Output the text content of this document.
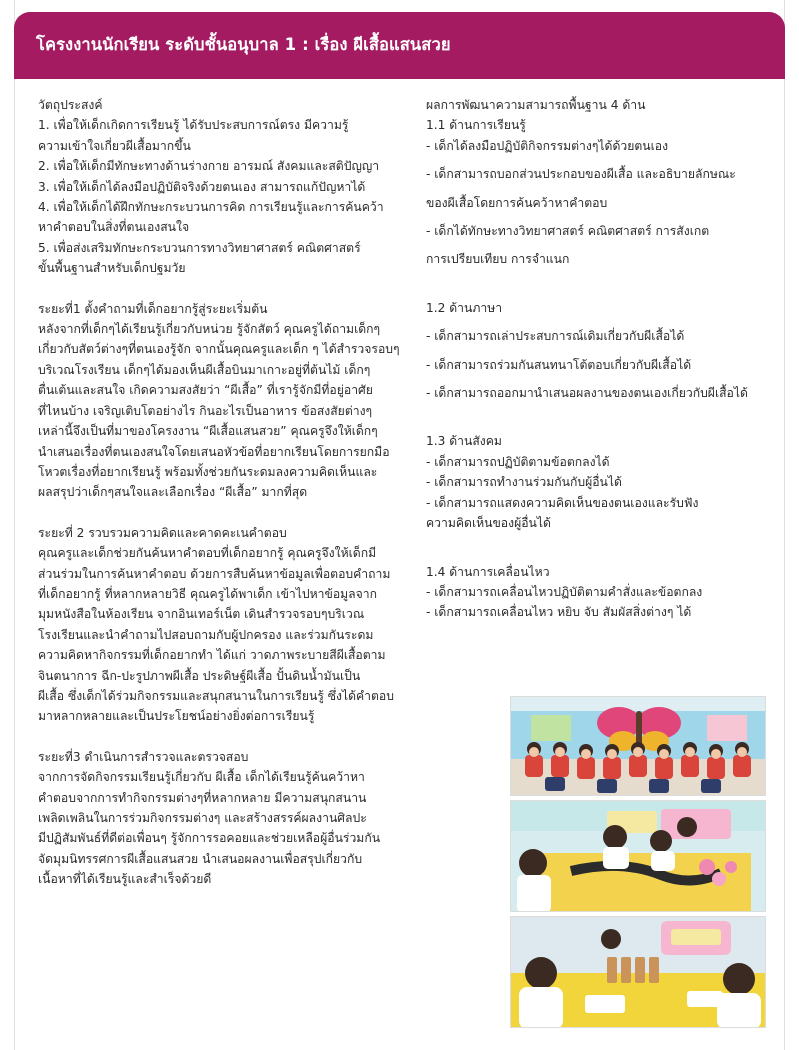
โครงงานนักเรียน ระดับชั้นอนุบาล 1 : เรื่อง ผีเสื้อแสนสวย
วัตถุประสงค์
1. เพื่อให้เด็กเกิดการเรียนรู้ ได้รับประสบการณ์ตรง มีความรู้
ความเข้าใจเกี่ยวผีเสื้อมากขึ้น
2. เพื่อให้เด็กมีทักษะทางด้านร่างกาย อารมณ์ สังคมและสติปัญญา
3. เพื่อให้เด็กได้ลงมือปฏิบัติจริงด้วยตนเอง สามารถแก้ปัญหาได้
4. เพื่อให้เด็กได้ฝึกทักษะกระบวนการคิด การเรียนรู้และการค้นคว้า
หาคำตอบในสิ่งที่ตนเองสนใจ
5. เพื่อส่งเสริมทักษะกระบวนการทางวิทยาศาสตร์ คณิตศาสตร์
ขั้นพื้นฐานสำหรับเด็กปฐมวัย
ระยะที่1 ตั้งคำถามที่เด็กอยากรู้สู่ระยะเริ่มต้น
หลังจากที่เด็กๆได้เรียนรู้เกี่ยวกับหน่วย รู้จักสัตว์ คุณครูได้ถามเด็กๆ
เกี่ยวกับสัตว์ต่างๆที่ตนเองรู้จัก จากนั้นคุณครูและเด็ก ๆ ได้สำรวจรอบๆ
บริเวณโรงเรียน เด็กๆได้มองเห็นผีเสื้อบินมาเกาะอยู่ที่ต้นไม้ เด็กๆ
ตื่นเต้นและสนใจ เกิดความสงสัยว่า “ผีเสื้อ” ที่เรารู้จักมีที่อยู่อาศัย
ที่ไหนบ้าง เจริญเติบโตอย่างไร กินอะไรเป็นอาหาร ข้อสงสัยต่างๆ
เหล่านี้จึงเป็นที่มาของโครงงาน “ผีเสื้อแสนสวย” คุณครูจึงให้เด็กๆ
นำเสนอเรื่องที่ตนเองสนใจโดยเสนอหัวข้อที่อยากเรียนโดยการยกมือ
โหวตเรื่องที่อยากเรียนรู้ พร้อมทั้งช่วยกันระดมลงความคิดเห็นและ
ผลสรุปว่าเด็กๆสนใจและเลือกเรื่อง “ผีเสื้อ” มากที่สุด
ระยะที่ 2 รวบรวมความคิดและคาดคะเนคำตอบ
คุณครูและเด็กช่วยกันค้นหาคำตอบที่เด็กอยากรู้ คุณครูจึงให้เด็กมี
ส่วนร่วมในการค้นหาคำตอบ ด้วยการสืบค้นหาข้อมูลเพื่อตอบคำถาม
ที่เด็กอยากรู้ ที่หลากหลายวิธี คุณครูได้พาเด็ก เข้าไปหาข้อมูลจาก
มุมหนังสือในห้องเรียน จากอินเทอร์เน็ต เดินสำรวจรอบๆบริเวณ
โรงเรียนและนำคำถามไปสอบถามกับผู้ปกครอง และร่วมกันระดม
ความคิดหากิจกรรมที่เด็กอยากทำ ได้แก่ วาดภาพระบายสีผีเสื้อตาม
จินตนาการ ฉีก-ปะรูปภาพผีเสื้อ ประดิษฐ์ผีเสื้อ ปั้นดินน้ำมันเป็น
ผีเสื้อ ซึ่งเด็กได้ร่วมกิจกรรมและสนุกสนานในการเรียนรู้ ซึ่งได้คำตอบ
มาหลากหลายและเป็นประโยชน์อย่างยิ่งต่อการเรียนรู้
ระยะที่3 ดำเนินการสำรวจและตรวจสอบ
จากการจัดกิจกรรมเรียนรู้เกี่ยวกับ ผีเสื้อ เด็กได้เรียนรู้ค้นคว้าหา
คำตอบจากการทำกิจกรรมต่างๆที่หลากหลาย มีความสนุกสนาน
เพลิดเพลินในการร่วมกิจกรรมต่างๆ และสร้างสรรค์ผลงานศิลปะ
มีปฏิสัมพันธ์ที่ดีต่อเพื่อนๆ รู้จักการรอคอยและช่วยเหลือผู้อื่นร่วมกัน
จัดมุมนิทรรศการผีเสื้อแสนสวย นำเสนอผลงานเพื่อสรุปเกี่ยวกับ
เนื้อหาที่ได้เรียนรู้และสำเร็จด้วยดี
ผลการพัฒนาความสามารถพื้นฐาน 4 ด้าน
1.1 ด้านการเรียนรู้
- เด็กได้ลงมือปฏิบัติกิจกรรมต่างๆได้ด้วยตนเอง
- เด็กสามารถบอกส่วนประกอบของผีเสื้อ และอธิบายลักษณะ
ของผีเสื้อโดยการค้นคว้าหาคำตอบ
- เด็กได้ทักษะทางวิทยาศาสตร์ คณิตศาสตร์ การสังเกต
การเปรียบเทียบ การจำแนก
1.2 ด้านภาษา
- เด็กสามารถเล่าประสบการณ์เดิมเกี่ยวกับผีเสื้อได้
- เด็กสามารถร่วมกันสนทนาโต้ตอบเกี่ยวกับผีเสื้อได้
- เด็กสามารถออกมานำเสนอผลงานของตนเองเกี่ยวกับผีเสื้อได้
1.3 ด้านสังคม
- เด็กสามารถปฏิบัติตามข้อตกลงได้
- เด็กสามารถทำงานร่วมกันกับผู้อื่นได้
- เด็กสามารถแสดงความคิดเห็นของตนเองและรับฟัง
ความคิดเห็นของผู้อื่นได้
1.4 ด้านการเคลื่อนไหว
- เด็กสามารถเคลื่อนไหวปฏิบัติตามคำสั่งและข้อตกลง
- เด็กสามารถเคลื่อนไหว หยิบ จับ สัมผัสสิ่งต่างๆ ได้
